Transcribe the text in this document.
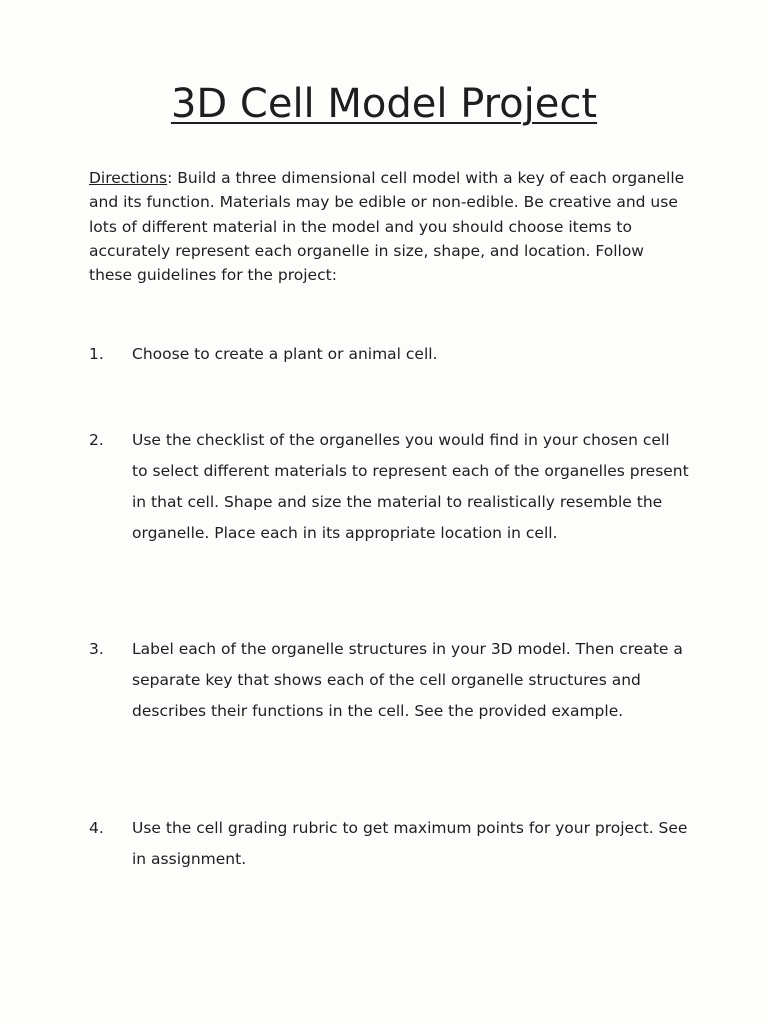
3D Cell Model Project

Directions: Build a three dimensional cell model with a key of each organelle and its function. Materials may be edible or non-edible. Be creative and use lots of different material in the model and you should choose items to accurately represent each organelle in size, shape, and location. Follow these guidelines for the project:

1.	Choose to create a plant or animal cell.
2.	Use the checklist of the organelles you would find in your chosen cell to select different materials to represent each of the organelles present in that cell. Shape and size the material to realistically resemble the organelle. Place each in its appropriate location in cell.
3.	Label each of the organelle structures in your 3D model. Then create a separate key that shows each of the cell organelle structures and describes their functions in the cell. See the provided example.
4.	Use the cell grading rubric to get maximum points for your project. See in assignment.
